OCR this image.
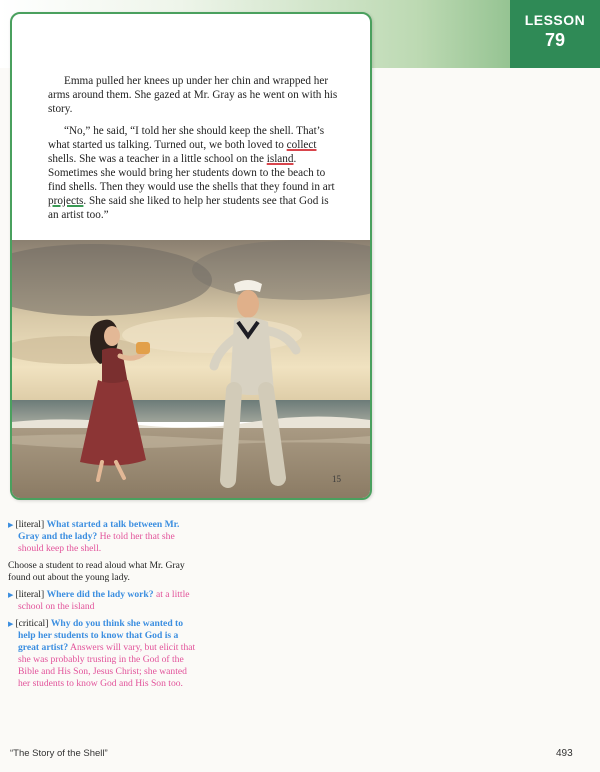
LESSON
79

Emma pulled her knees up under her chin and wrapped her arms around them. She gazed at Mr. Gray as he went on with his story.

“No,” he said, “I told her she should keep the shell. That’s what started us talking. Turned out, we both loved to collect shells. She was a teacher in a little school on the island. Sometimes she would bring her students down to the beach to find shells. Then they would use the shells that they found in art projects. She said she liked to help her students see that God is an artist too.”

15

▶ [literal] What started a talk between Mr. Gray and the lady? He told her that she should keep the shell.

Choose a student to read aloud what Mr. Gray found out about the young lady.

▶ [literal] Where did the lady work? at a little school on the island

▶ [critical] Why do you think she wanted to help her students to know that God is a great artist? Answers will vary, but elicit that she was probably trusting in the God of the Bible and His Son, Jesus Christ; she wanted her students to know God and His Son too.

“The Story of the Shell”	493
